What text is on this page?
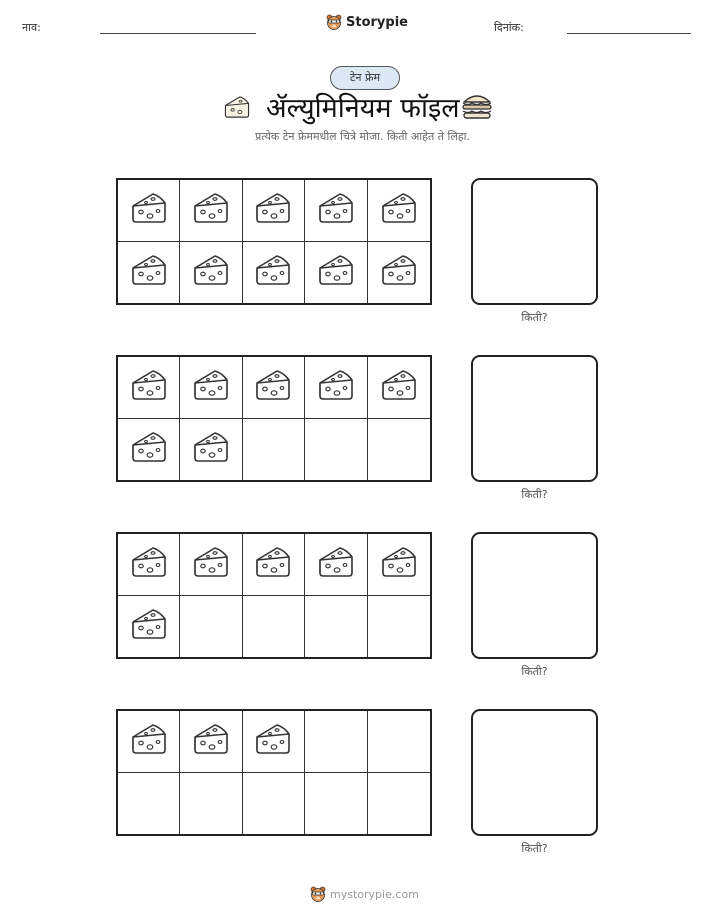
नाव:	Storypie	दिनांक:
टेन फ्रेम
ॲल्युमिनियम फॉइल
प्रत्येक टेन फ्रेममधील चित्रे मोजा. किती आहेत ते लिहा.
किती?
किती?
किती?
किती?
mystorypie.com
